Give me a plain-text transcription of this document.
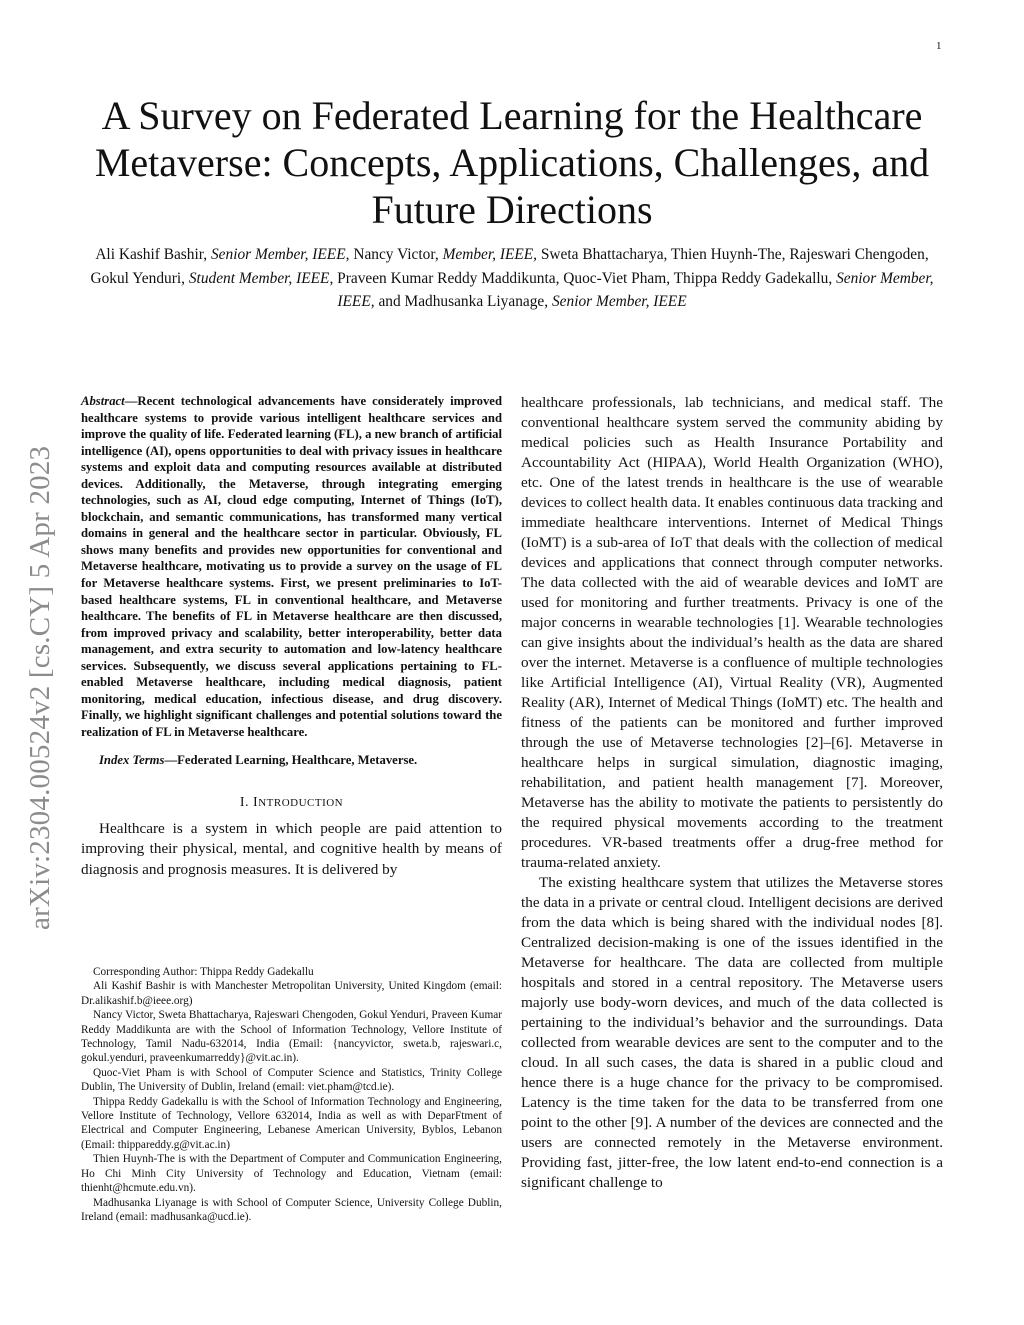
1
arXiv:2304.00524v2 [cs.CY] 5 Apr 2023
A Survey on Federated Learning for the Healthcare Metaverse: Concepts, Applications, Challenges, and Future Directions
Ali Kashif Bashir, Senior Member, IEEE, Nancy Victor, Member, IEEE, Sweta Bhattacharya, Thien Huynh-The, Rajeswari Chengoden, Gokul Yenduri, Student Member, IEEE, Praveen Kumar Reddy Maddikunta, Quoc-Viet Pham, Thippa Reddy Gadekallu, Senior Member, IEEE, and Madhusanka Liyanage, Senior Member, IEEE

Abstract—Recent technological advancements have considerately improved healthcare systems to provide various intelligent healthcare services and improve the quality of life. Federated learning (FL), a new branch of artificial intelligence (AI), opens opportunities to deal with privacy issues in healthcare systems and exploit data and computing resources available at distributed devices. Additionally, the Metaverse, through integrating emerging technologies, such as AI, cloud edge computing, Internet of Things (IoT), blockchain, and semantic communications, has transformed many vertical domains in general and the healthcare sector in particular. Obviously, FL shows many benefits and provides new opportunities for conventional and Metaverse healthcare, motivating us to provide a survey on the usage of FL for Metaverse healthcare systems. First, we present preliminaries to IoT-based healthcare systems, FL in conventional healthcare, and Metaverse healthcare. The benefits of FL in Metaverse healthcare are then discussed, from improved privacy and scalability, better interoperability, better data management, and extra security to automation and low-latency healthcare services. Subsequently, we discuss several applications pertaining to FL-enabled Metaverse healthcare, including medical diagnosis, patient monitoring, medical education, infectious disease, and drug discovery. Finally, we highlight significant challenges and potential solutions toward the realization of FL in Metaverse healthcare.

Index Terms—Federated Learning, Healthcare, Metaverse.

I. INTRODUCTION

Healthcare is a system in which people are paid attention to improving their physical, mental, and cognitive health by means of diagnosis and prognosis measures. It is delivered by

Corresponding Author: Thippa Reddy Gadekallu

Ali Kashif Bashir is with Manchester Metropolitan University, United Kingdom (email: Dr.alikashif.b@ieee.org)

Nancy Victor, Sweta Bhattacharya, Rajeswari Chengoden, Gokul Yenduri, Praveen Kumar Reddy Maddikunta are with the School of Information Technology, Vellore Institute of Technology, Tamil Nadu-632014, India (Email: {nancyvictor, sweta.b, rajeswari.c, gokul.yenduri, praveenkumarreddy}@vit.ac.in).

Quoc-Viet Pham is with School of Computer Science and Statistics, Trinity College Dublin, The University of Dublin, Ireland (email: viet.pham@tcd.ie).

Thippa Reddy Gadekallu is with the School of Information Technology and Engineering, Vellore Institute of Technology, Vellore 632014, India as well as with DeparFtment of Electrical and Computer Engineering, Lebanese American University, Byblos, Lebanon (Email: thippareddy.g@vit.ac.in)

Thien Huynh-The is with the Department of Computer and Communication Engineering, Ho Chi Minh City University of Technology and Education, Vietnam (email: thienht@hcmute.edu.vn).

Madhusanka Liyanage is with School of Computer Science, University College Dublin, Ireland (email: madhusanka@ucd.ie).

healthcare professionals, lab technicians, and medical staff. The conventional healthcare system served the community abiding by medical policies such as Health Insurance Portability and Accountability Act (HIPAA), World Health Organization (WHO), etc. One of the latest trends in healthcare is the use of wearable devices to collect health data. It enables continuous data tracking and immediate healthcare interventions. Internet of Medical Things (IoMT) is a sub-area of IoT that deals with the collection of medical devices and applications that connect through computer networks. The data collected with the aid of wearable devices and IoMT are used for monitoring and further treatments. Privacy is one of the major concerns in wearable technologies [1]. Wearable technologies can give insights about the individual’s health as the data are shared over the internet. Metaverse is a confluence of multiple technologies like Artificial Intelligence (AI), Virtual Reality (VR), Augmented Reality (AR), Internet of Medical Things (IoMT) etc. The health and fitness of the patients can be monitored and further improved through the use of Metaverse technologies [2]–[6]. Metaverse in healthcare helps in surgical simulation, diagnostic imaging, rehabilitation, and patient health management [7]. Moreover, Metaverse has the ability to motivate the patients to persistently do the required physical movements according to the treatment procedures. VR-based treatments offer a drug-free method for trauma-related anxiety.

The existing healthcare system that utilizes the Metaverse stores the data in a private or central cloud. Intelligent decisions are derived from the data which is being shared with the individual nodes [8]. Centralized decision-making is one of the issues identified in the Metaverse for healthcare. The data are collected from multiple hospitals and stored in a central repository. The Metaverse users majorly use body-worn devices, and much of the data collected is pertaining to the individual’s behavior and the surroundings. Data collected from wearable devices are sent to the computer and to the cloud. In all such cases, the data is shared in a public cloud and hence there is a huge chance for the privacy to be compromised. Latency is the time taken for the data to be transferred from one point to the other [9]. A number of the devices are connected and the users are connected remotely in the Metaverse environment. Providing fast, jitter-free, the low latent end-to-end connection is a significant challenge to
